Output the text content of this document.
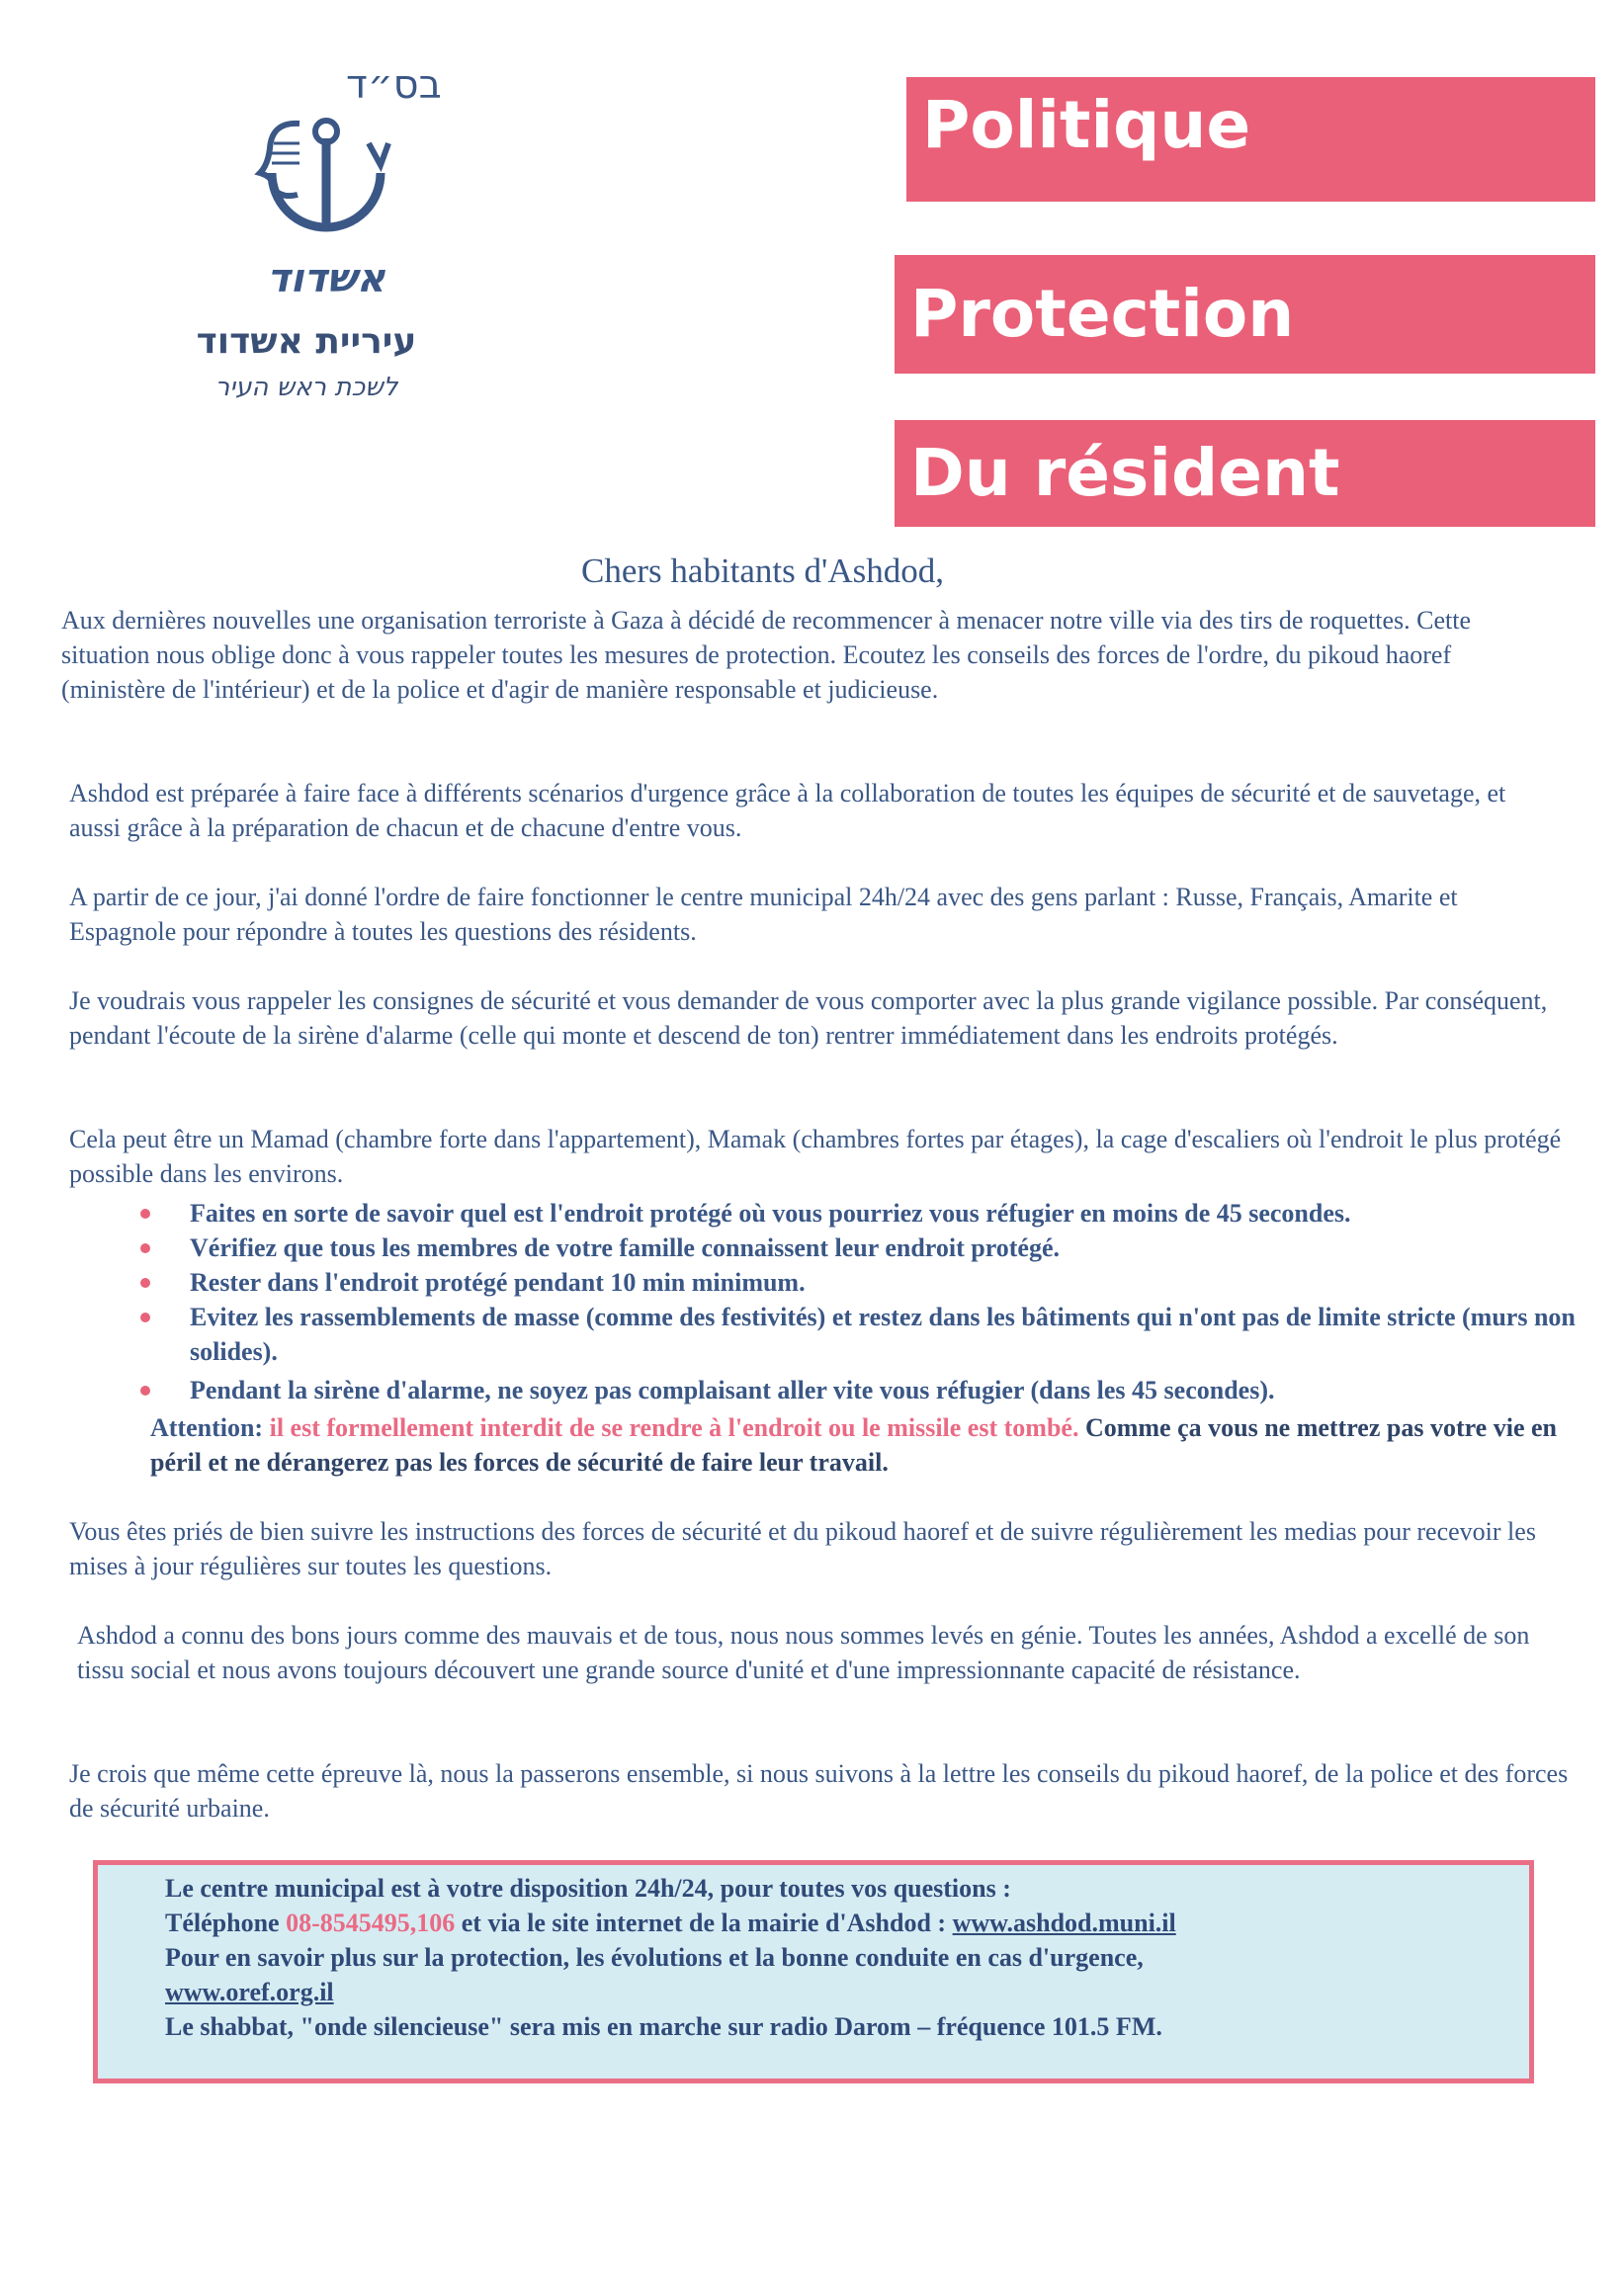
בס״ד
אשדוד
עיריית אשדוד
לשכת ראש העיר
Politique
Protection
Du résident
Chers habitants d'Ashdod,
Aux dernières nouvelles une organisation terroriste à Gaza à décidé de recommencer à menacer notre ville via des tirs de roquettes. Cette situation nous oblige donc à vous rappeler toutes les mesures de protection. Ecoutez les conseils des forces de l'ordre, du pikoud haoref (ministère de l'intérieur) et de la police et d'agir de manière responsable et judicieuse.
Ashdod est préparée à faire face à différents scénarios d'urgence grâce à la collaboration de toutes les équipes de sécurité et de sauvetage, et aussi grâce à la préparation de chacun et de chacune d'entre vous.
A partir de ce jour, j'ai donné l'ordre de faire fonctionner le centre municipal 24h/24 avec des gens parlant : Russe, Français, Amarite et Espagnole pour répondre à toutes les questions des résidents.
Je voudrais vous rappeler les consignes de sécurité et vous demander de vous comporter avec la plus grande vigilance possible. Par conséquent, pendant l'écoute de la sirène d'alarme (celle qui monte et descend de ton) rentrer immédiatement dans les endroits protégés.
Cela peut être un Mamad (chambre forte dans l'appartement), Mamak (chambres fortes par étages), la cage d'escaliers où l'endroit le plus protégé possible dans les environs.
Faites en sorte de savoir quel est l'endroit protégé où vous pourriez vous réfugier en moins de 45 secondes.
Vérifiez que tous les membres de votre famille connaissent leur endroit protégé.
Rester dans l'endroit protégé pendant 10 min minimum.
Evitez les rassemblements de masse (comme des festivités) et restez dans les bâtiments qui n'ont pas de limite stricte (murs non solides).
Pendant la sirène d'alarme, ne soyez pas complaisant aller vite vous réfugier (dans les 45 secondes).
Attention: il est formellement interdit de se rendre à l'endroit ou le missile est tombé. Comme ça vous ne mettrez pas votre vie en péril et ne dérangerez pas les forces de sécurité de faire leur travail.
Vous êtes priés de bien suivre les instructions des forces de sécurité et du pikoud haoref et de suivre régulièrement les medias pour recevoir les mises à jour régulières sur toutes les questions.
Ashdod a connu des bons jours comme des mauvais et de tous, nous nous sommes levés en génie. Toutes les années, Ashdod a excellé de son tissu social et nous avons toujours découvert une grande source d'unité et d'une impressionnante capacité de résistance.
Je crois que même cette épreuve là, nous la passerons ensemble, si nous suivons à la lettre les conseils du pikoud haoref, de la police et des forces de sécurité urbaine.
Le centre municipal est à votre disposition 24h/24, pour toutes vos questions :
Téléphone 08-8545495,106 et via le site internet de la mairie d'Ashdod : www.ashdod.muni.il
Pour en savoir plus sur la protection, les évolutions et la bonne conduite en cas d'urgence,
www.oref.org.il
Le shabbat, "onde silencieuse" sera mis en marche sur radio Darom – fréquence 101.5 FM.
